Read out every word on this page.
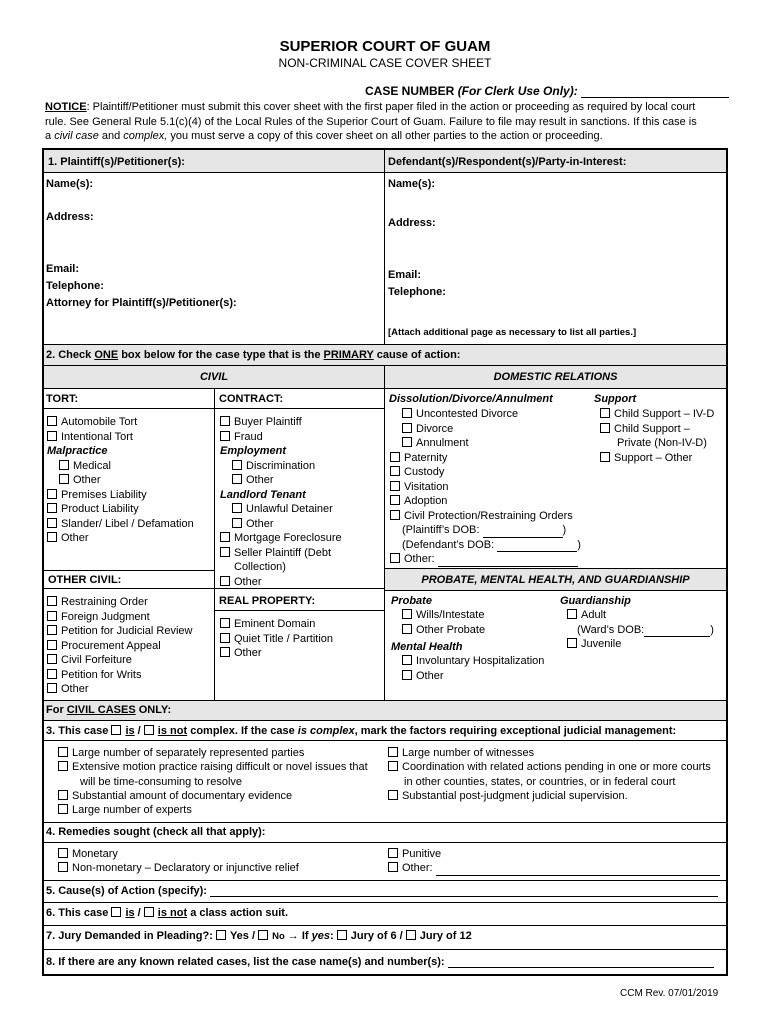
SUPERIOR COURT OF GUAM
NON-CRIMINAL CASE COVER SHEET
CASE NUMBER (For Clerk Use Only):
NOTICE: Plaintiff/Petitioner must submit this cover sheet with the first paper filed in the action or proceeding as required by local court
rule. See General Rule 5.1(c)(4) of the Local Rules of the Superior Court of Guam. Failure to file may result in sanctions. If this case is
a civil case and complex, you must serve a copy of this cover sheet on all other parties to the action or proceeding.
1. Plaintiff(s)/Petitioner(s):	Defendant(s)/Respondent(s)/Party-in-Interest:
Name(s):
Address:
Email:
Telephone:
Attorney for Plaintiff(s)/Petitioner(s):
Name(s):
Address:
Email:
Telephone:
[Attach additional page as necessary to list all parties.]
2. Check ONE box below for the case type that is the PRIMARY cause of action:
CIVIL	DOMESTIC RELATIONS
TORT:
Automobile Tort
Intentional Tort
Malpractice
Medical
Other
Premises Liability
Product Liability
Slander/ Libel / Defamation
Other
CONTRACT:
Buyer Plaintiff
Fraud
Employment
Discrimination
Other
Landlord Tenant
Unlawful Detainer
Other
Mortgage Foreclosure
Seller Plaintiff (Debt
Collection)
Other
Dissolution/Divorce/Annulment
Uncontested Divorce
Divorce
Annulment
Paternity
Custody
Visitation
Adoption
Civil Protection/Restraining Orders
(Plaintiff’s DOB:	)
(Defendant’s DOB:	)
Other:
Support
Child Support – IV-D
Child Support –
Private (Non-IV-D)
Support – Other
OTHER CIVIL:
REAL PROPERTY:
Restraining Order
Foreign Judgment
Petition for Judicial Review
Procurement Appeal
Civil Forfeiture
Petition for Writs
Other
Eminent Domain
Quiet Title / Partition
Other
PROBATE, MENTAL HEALTH, AND GUARDIANSHIP
Probate
Wills/Intestate
Other Probate
Mental Health
Involuntary Hospitalization
Other
Guardianship
Adult
(Ward’s DOB:	)
Juvenile
For CIVIL CASES ONLY:
3. This case is / is not complex. If the case is complex, mark the factors requiring exceptional judicial management:
Large number of separately represented parties
Extensive motion practice raising difficult or novel issues that
will be time-consuming to resolve
Substantial amount of documentary evidence
Large number of experts
Large number of witnesses
Coordination with related actions pending in one or more courts
in other counties, states, or countries, or in federal court
Substantial post-judgment judicial supervision.
4. Remedies sought (check all that apply):
Monetary
Non-monetary – Declaratory or injunctive relief
Punitive
Other:
5. Cause(s) of Action (specify):
6. This case is / is not a class action suit.
7. Jury Demanded in Pleading?: Yes / No → If yes: Jury of 6 / Jury of 12
8. If there are any known related cases, list the case name(s) and number(s):
CCM Rev. 07/01/2019
